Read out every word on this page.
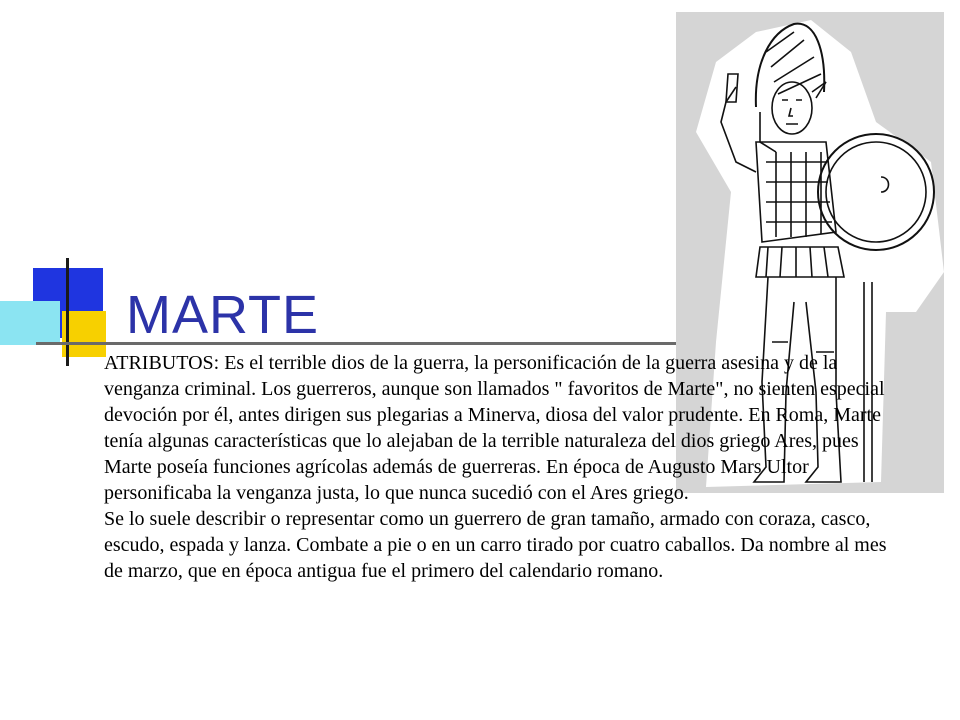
MARTE

ATRIBUTOS: Es el terrible dios de la guerra, la personificación de la guerra asesina y de la venganza criminal. Los guerreros, aunque son llamados " favoritos de Marte", no sienten especial devoción por él, antes dirigen sus plegarias a Minerva, diosa del valor prudente. En Roma, Marte tenía algunas características que lo alejaban de la terrible naturaleza del dios griego Ares, pues Marte poseía funciones agrícolas además de guerreras. En época de Augusto Mars Ultor personificaba la venganza justa, lo que nunca sucedió con el Ares griego.

Se lo suele describir o representar como un guerrero de gran tamaño, armado con coraza, casco, escudo, espada y lanza. Combate a pie o en un carro tirado por cuatro caballos. Da nombre al mes de marzo, que en época antigua fue el primero del calendario romano.
